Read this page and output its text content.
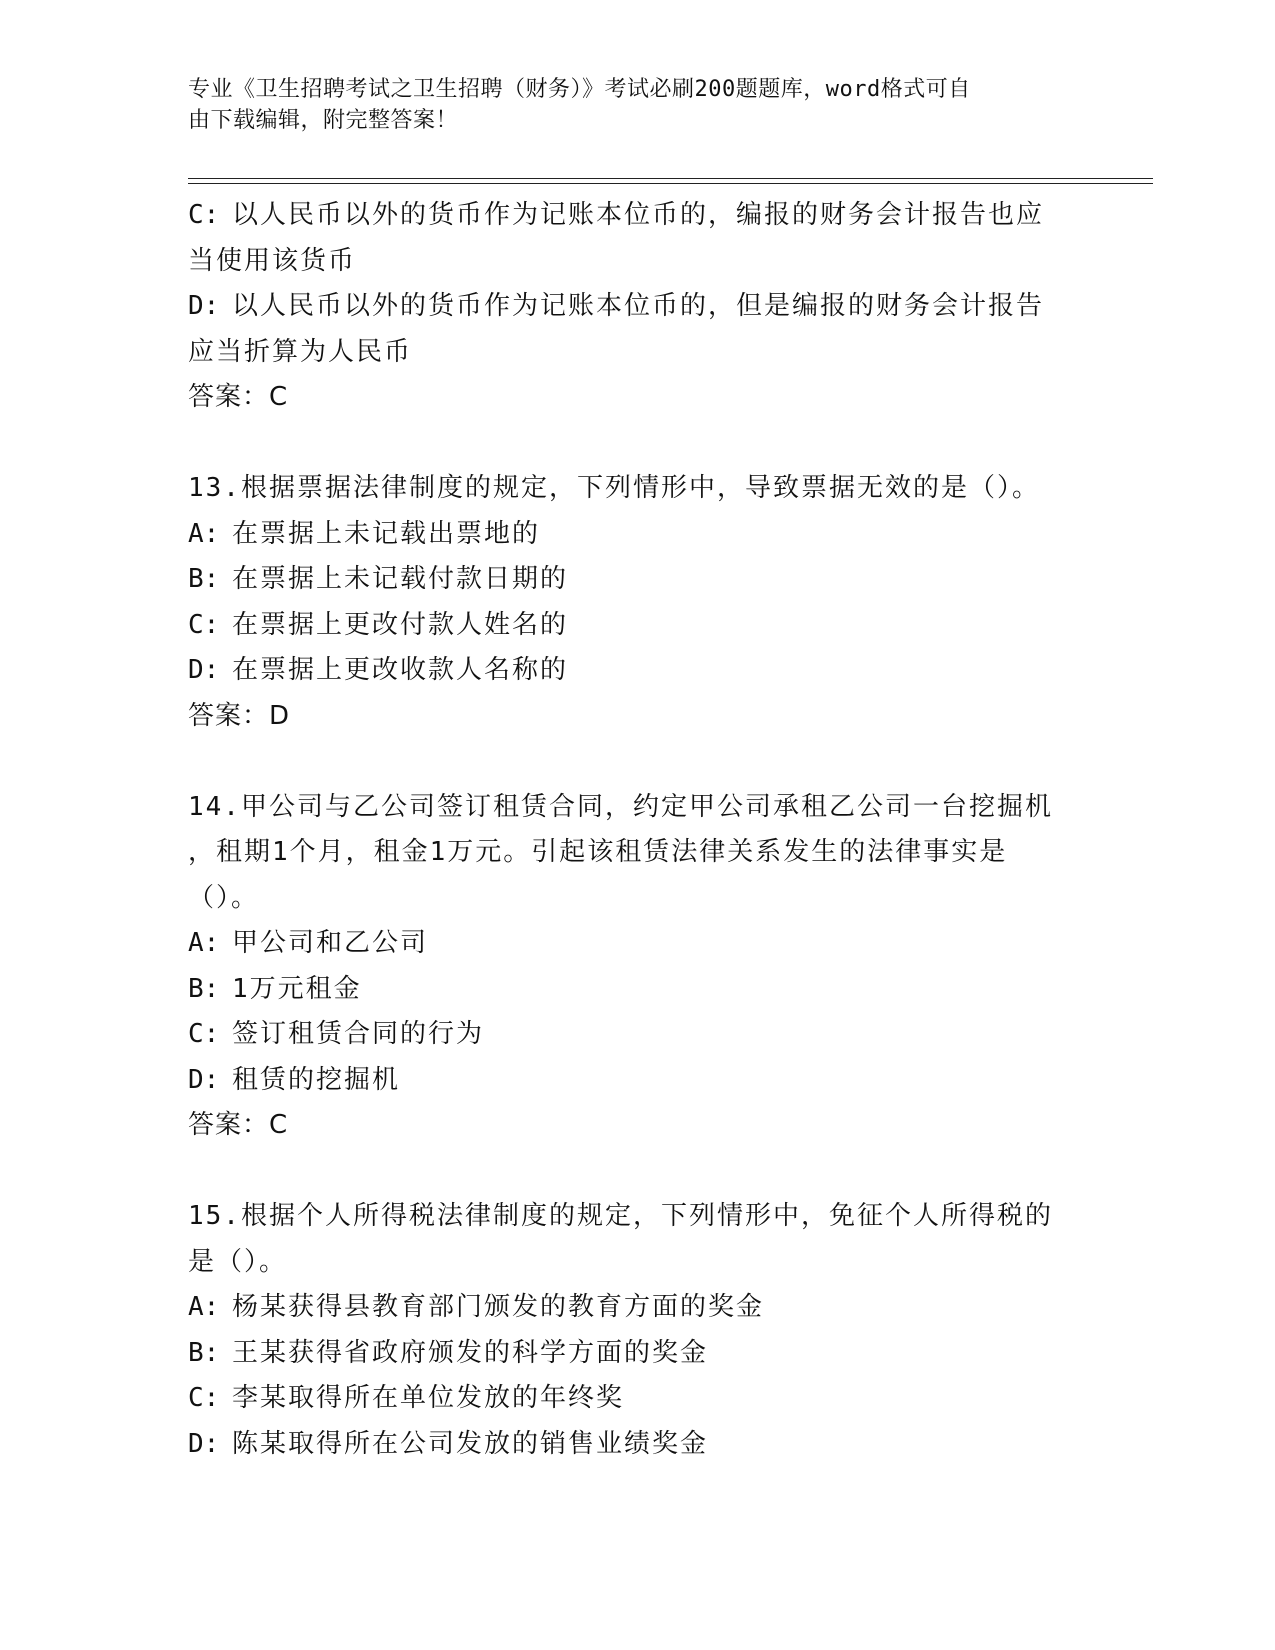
专业《卫生招聘考试之卫生招聘（财务）》考试必刷200题题库，word格式可自
由下载编辑，附完整答案！

C: 以人民币以外的货币作为记账本位币的，编报的财务会计报告也应

当使用该货币

D: 以人民币以外的货币作为记账本位币的，但是编报的财务会计报告

应当折算为人民币

答案：C

13.根据票据法律制度的规定，下列情形中，导致票据无效的是（）。

A: 在票据上未记载出票地的

B: 在票据上未记载付款日期的

C: 在票据上更改付款人姓名的

D: 在票据上更改收款人名称的

答案：D

14.甲公司与乙公司签订租赁合同，约定甲公司承租乙公司一台挖掘机

，租期1个月，租金1万元。引起该租赁法律关系发生的法律事实是

（）。

A: 甲公司和乙公司

B: 1万元租金

C: 签订租赁合同的行为

D: 租赁的挖掘机

答案：C

15.根据个人所得税法律制度的规定，下列情形中，免征个人所得税的

是（）。

A: 杨某获得县教育部门颁发的教育方面的奖金

B: 王某获得省政府颁发的科学方面的奖金

C: 李某取得所在单位发放的年终奖

D: 陈某取得所在公司发放的销售业绩奖金
